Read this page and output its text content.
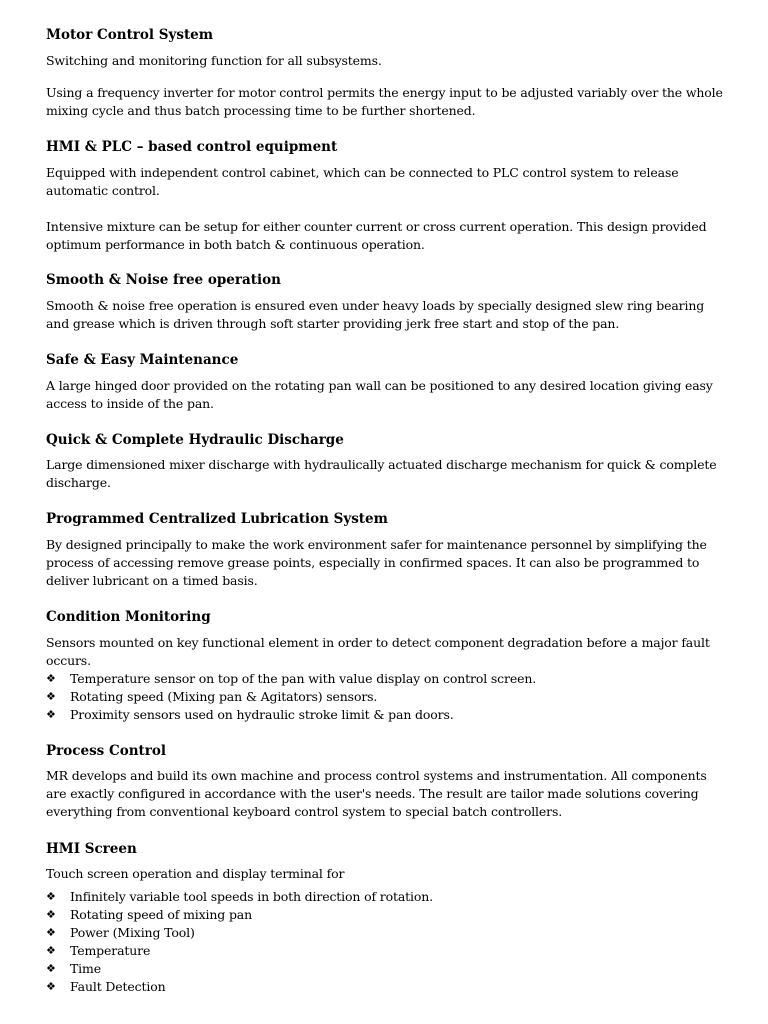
Motor Control System
Switching and monitoring function for all subsystems.
Using a frequency inverter for motor control permits the energy input to be adjusted variably over the whole mixing cycle and thus batch processing time to be further shortened.
HMI & PLC – based control equipment
Equipped with independent control cabinet, which can be connected to PLC control system to release automatic control.
Intensive mixture can be setup for either counter current or cross current operation. This design provided optimum performance in both batch & continuous operation.
Smooth & Noise free operation
Smooth & noise free operation is ensured even under heavy loads by specially designed slew ring bearing and grease which is driven through soft starter providing jerk free start and stop of the pan.
Safe & Easy Maintenance
A large hinged door provided on the rotating pan wall can be positioned to any desired location giving easy access to inside of the pan.
Quick & Complete Hydraulic Discharge
Large dimensioned mixer discharge with hydraulically actuated discharge mechanism for quick & complete discharge.
Programmed Centralized Lubrication System
By designed principally to make the work environment safer for maintenance personnel by simplifying the process of accessing remove grease points, especially in confirmed spaces. It can also be programmed to deliver lubricant on a timed basis.
Condition Monitoring
Sensors mounted on key functional element in order to detect component degradation before a major fault occurs.
❖	Temperature sensor on top of the pan with value display on control screen.
❖	Rotating speed (Mixing pan & Agitators) sensors.
❖	Proximity sensors used on hydraulic stroke limit & pan doors.
Process Control
MR develops and build its own machine and process control systems and instrumentation. All components are exactly configured in accordance with the user's needs. The result are tailor made solutions covering everything from conventional keyboard control system to special batch controllers.
HMI Screen
Touch screen operation and display terminal for
❖	Infinitely variable tool speeds in both direction of rotation.
❖	Rotating speed of mixing pan
❖	Power (Mixing Tool)
❖	Temperature
❖	Time
❖	Fault Detection
